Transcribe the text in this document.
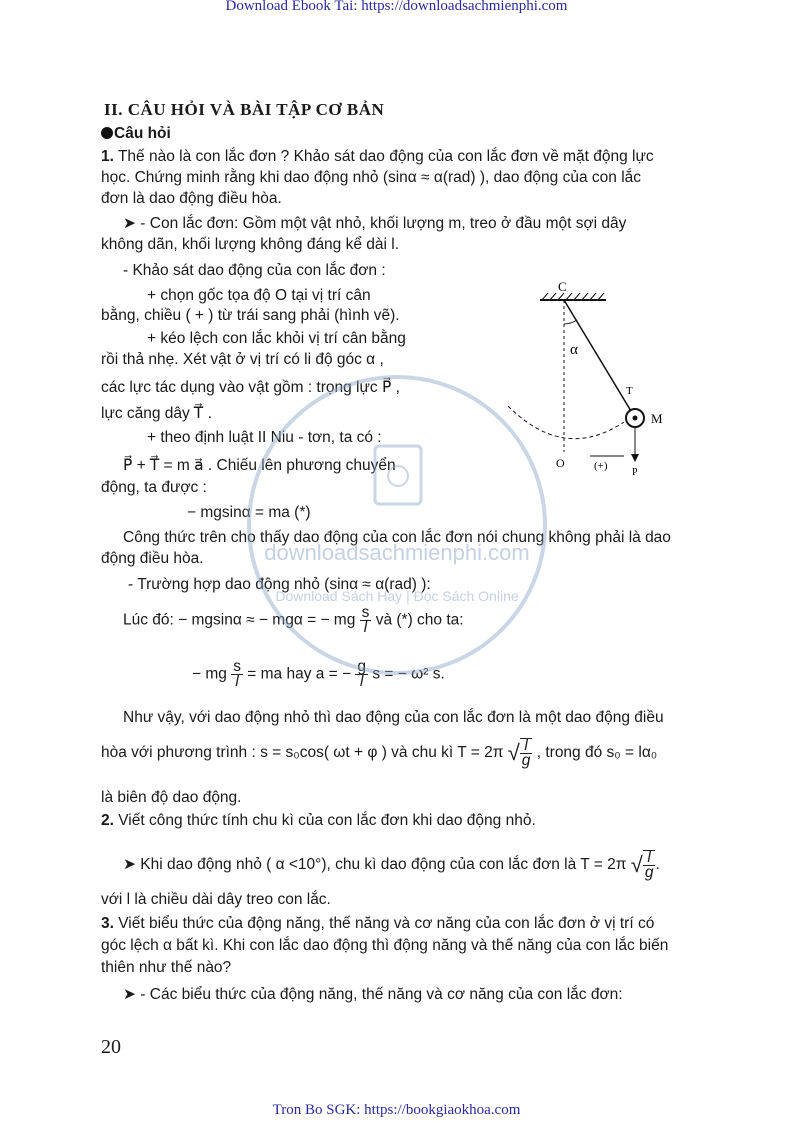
Download Ebook Tai: https://downloadsachmienphi.com
II. CÂU HỎI VÀ BÀI TẬP CƠ BẢN
Câu hỏi
1. Thế nào là con lắc đơn ? Khảo sát dao động của con lắc đơn về mặt động lực
học. Chứng minh rằng khi dao động nhỏ (sinα ≈ α(rad) ), dao động của con lắc
đơn là dao động điều hòa.
➤ - Con lắc đơn: Gồm một vật nhỏ, khối lượng m, treo ở đầu một sợi dây
không dãn, khối lượng không đáng kể dài l.
- Khảo sát dao động của con lắc đơn :
+ chọn gốc tọa độ O tại vị trí cân
bằng, chiều ( + ) từ trái sang phải (hình vẽ).
+ kéo lệch con lắc khỏi vị trí cân bằng
rồi thả nhẹ. Xét vật ở vị trí có li độ góc α ,
các lực tác dụng vào vật gồm : trọng lực P⃗ ,
lực căng dây T⃗ .
+ theo định luật II Niu - tơn, ta có :
P⃗ + T⃗ = m a⃗ . Chiếu lên phương chuyển
động, ta được :
− mgsinα = ma (*)
Công thức trên cho thấy dao động của con lắc đơn nói chung không phải là dao
động điều hòa.
- Trường hợp dao động nhỏ (sinα ≈ α(rad) ):
Lúc đó: − mgsinα ≈ − mgα = − mg $\frac{s}{l}$ và (*) cho ta:
− mg $\frac{s}{l}$ = ma hay a = − $\frac{g}{l}$ s = − ω² s.
Như vậy, với dao động nhỏ thì dao động của con lắc đơn là một dao động điều
hòa với phương trình : s = s₀cos( ωt + φ ) và chu kì T = 2π √ $\frac{l}{g}$ , trong đó s₀ = lα₀
là biên độ dao động.
2. Viết công thức tính chu kì của con lắc đơn khi dao động nhỏ.
➤ Khi dao động nhỏ ( α <10°), chu kì dao động của con lắc đơn là T = 2π √ $\frac{l}{g}$ .
với l là chiều dài dây treo con lắc.
3. Viết biểu thức của động năng, thế năng và cơ năng của con lắc đơn ở vị trí có
góc lệch α bất kì. Khi con lắc dao động thì động năng và thế năng của con lắc biến
thiên như thế nào?
➤ - Các biểu thức của động năng, thế năng và cơ năng của con lắc đơn:
C
α
T
M
P
O	(+)
downloadsachmienphi.com
Download Sách Hay | Đọc Sách Online
20
Tron Bo SGK: https://bookgiaokhoa.com
